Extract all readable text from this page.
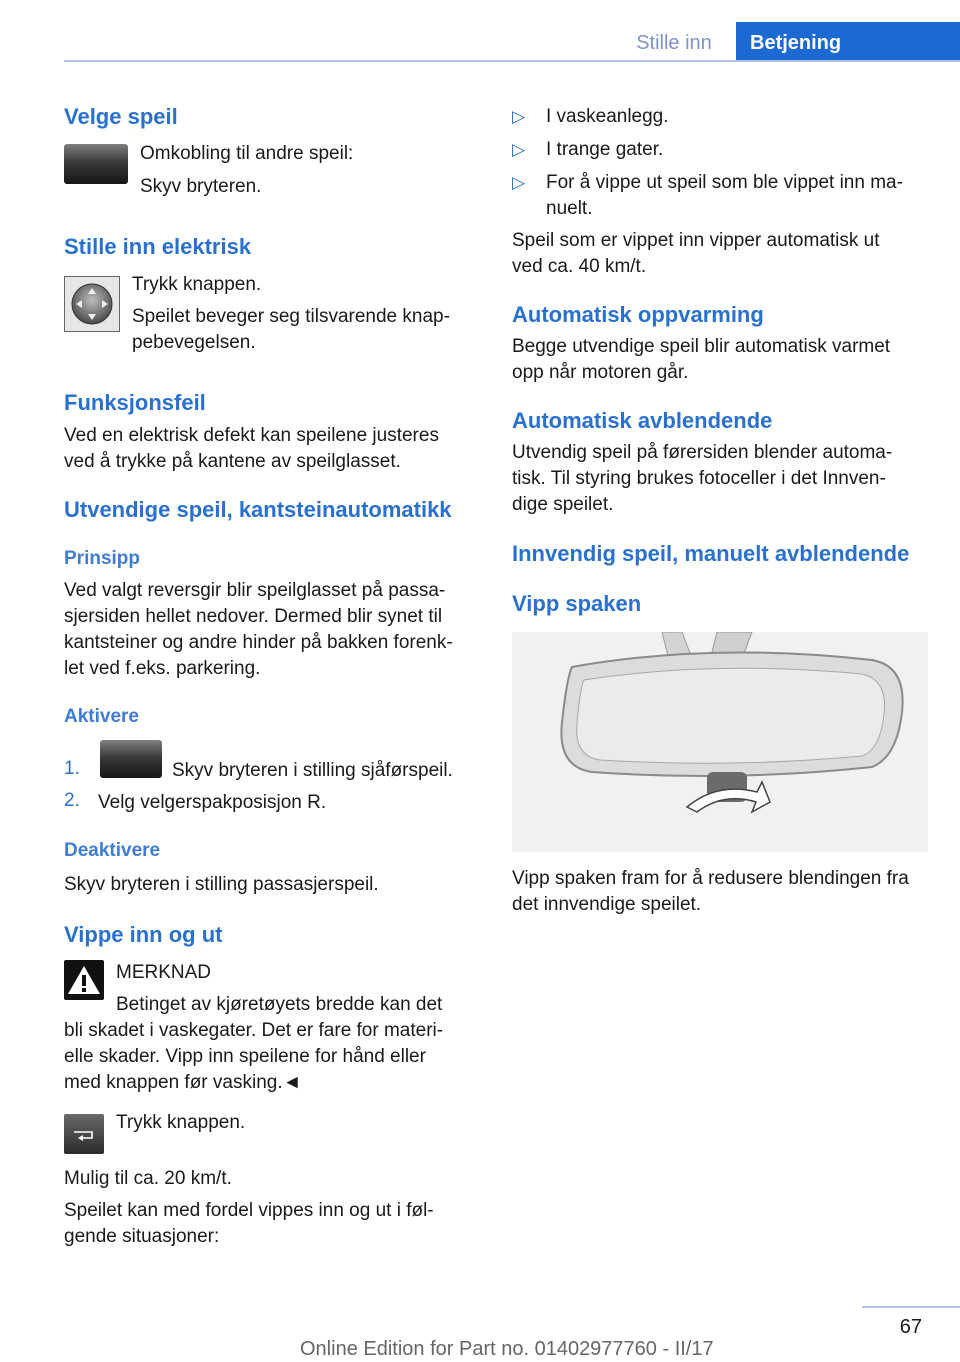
Stille inn	Betjening
Velge speil
Omkobling til andre speil:
Skyv bryteren.
Stille inn elektrisk
Trykk knappen.
Speilet beveger seg tilsvarende knap-
pebevegelsen.
Funksjonsfeil
Ved en elektrisk defekt kan speilene justeres
ved å trykke på kantene av speilglasset.
Utvendige speil, kantsteinautomatikk
Prinsipp
Ved valgt reversgir blir speilglasset på passa-
sjersiden hellet nedover. Dermed blir synet til
kantsteiner og andre hinder på bakken forenk-
let ved f.eks. parkering.
Aktivere
1.	Skyv bryteren i stilling sjåførspeil.
2. Velg velgerspakposisjon R.
Deaktivere
Skyv bryteren i stilling passasjerspeil.
Vippe inn og ut
MERKNAD
Betinget av kjøretøyets bredde kan det
bli skadet i vaskegater. Det er fare for materi-
elle skader. Vipp inn speilene for hånd eller
med knappen før vasking.◄
Trykk knappen.
Mulig til ca. 20 km/t.
Speilet kan med fordel vippes inn og ut i føl-
gende situasjoner:
▷ I vaskeanlegg.
▷ I trange gater.
▷ For å vippe ut speil som ble vippet inn ma-
nuelt.
Speil som er vippet inn vipper automatisk ut
ved ca. 40 km/t.
Automatisk oppvarming
Begge utvendige speil blir automatisk varmet
opp når motoren går.
Automatisk avblendende
Utvendig speil på førersiden blender automa-
tisk. Til styring brukes fotoceller i det Innven-
dige speilet.
Innvendig speil, manuelt avblendende
Vipp spaken
Vipp spaken fram for å redusere blendingen fra
det innvendige speilet.
67
Online Edition for Part no. 01402977760 - II/17
